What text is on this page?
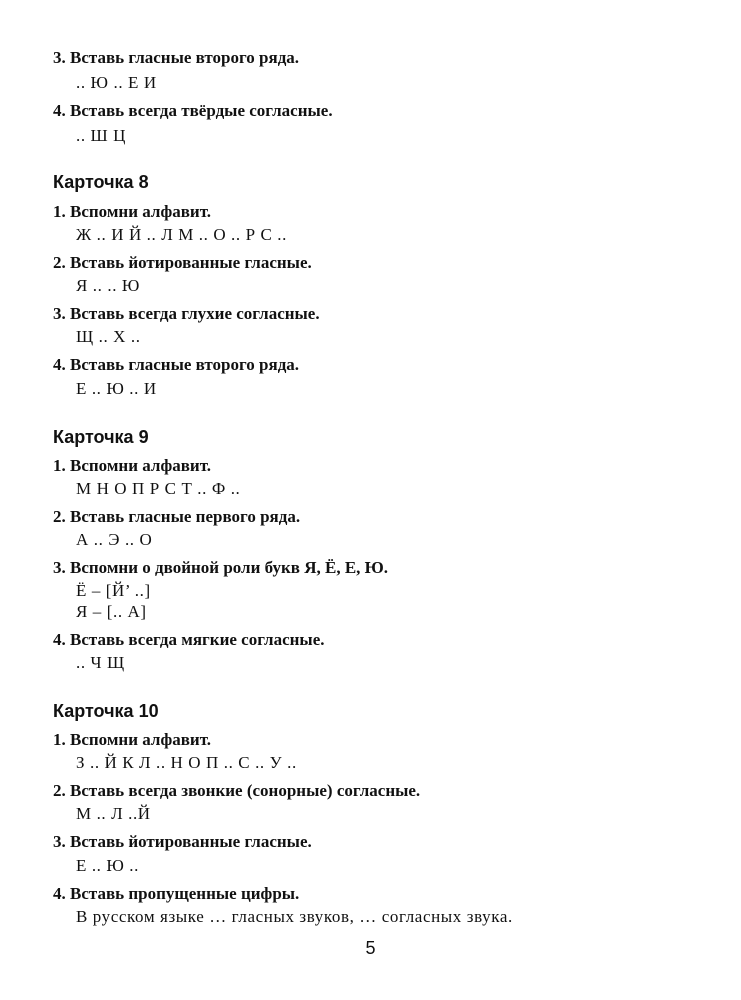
3. Вставь гласные второго ряда.
.. Ю .. Е И
4. Вставь всегда твёрдые согласные.
.. Ш Ц
Карточка 8
1. Вспомни алфавит.
Ж .. И Й .. Л М .. О .. Р С ..
2. Вставь йотированные гласные.
Я .. .. Ю
3. Вставь всегда глухие согласные.
Щ .. Х ..
4. Вставь гласные второго ряда.
Е .. Ю .. И
Карточка 9
1. Вспомни алфавит.
М Н О П Р С Т .. Ф ..
2. Вставь гласные первого ряда.
А .. Э .. О
3. Вспомни о двойной роли букв Я, Ё, Е, Ю.
Ё – [Й’ ..]
Я – [.. А]
4. Вставь всегда мягкие согласные.
.. Ч Щ
Карточка 10
1. Вспомни алфавит.
З .. Й К Л .. Н О П .. С .. У ..
2. Вставь всегда звонкие (сонорные) согласные.
М .. Л ..Й
3. Вставь йотированные гласные.
Е .. Ю ..
4. Вставь пропущенные цифры.
В русском языке … гласных звуков, … согласных звука.
5
